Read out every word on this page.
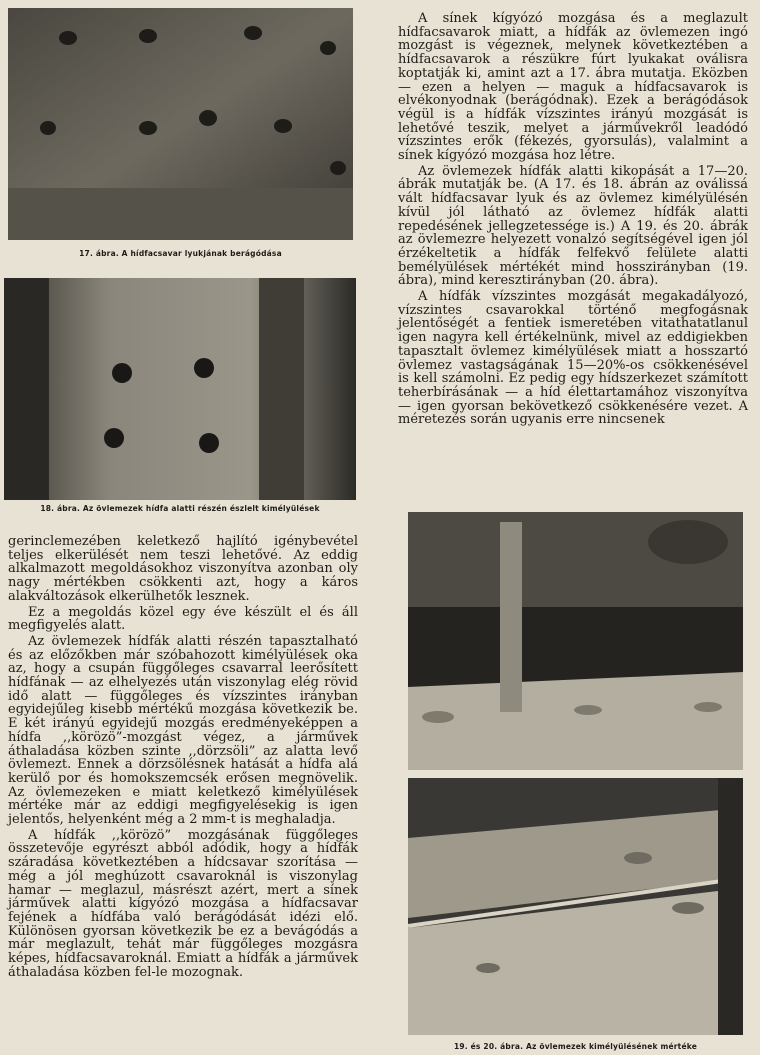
17. ábra. A hídfacsavar lyukjának berágódása
18. ábra. Az övlemezek hídfa alatti részén észlelt kimélyülések

A sínek kígyózó mozgása és a meglazult hídfacsavarok miatt, a hídfák az övlemezen ingó mozgást is végeznek, melynek következtében a hídfacsavarok a részükre fúrt lyukakat oválisra koptatják ki, amint azt a 17. ábra mutatja. Eközben — ezen a helyen — maguk a hídfacsavarok is elvékonyodnak (berágódnak). Ezek a berágódások végül is a hídfák vízszintes irányú mozgását is lehetővé teszik, melyet a járművekről leadódó vízszintes erők (fékezés, gyorsulás), valalmint a sínek kígyózó mozgása hoz létre.

Az övlemezek hídfák alatti kikopását a 17—20. ábrák mutatják be. (A 17. és 18. ábrán az oválissá vált hídfacsavar lyuk és az övlemez kimélyülésén kívül jól látható az övlemez hídfák alatti repedésének jellegzetessége is.) A 19. és 20. ábrák az övlemezre helyezett vonalzó segítségével igen jól érzékeltetik a hídfák felfekvő felülete alatti bemélyülések mértékét mind hosszirányban (19. ábra), mind keresztirányban (20. ábra).

A hídfák vízszintes mozgását megakadályozó, vízszintes csavarokkal történő megfogásnak jelentőségét a fentiek ismeretében vitathatatlanul igen nagyra kell értékelnünk, mivel az eddigiekben tapasztalt övlemez kimélyülések miatt a hosszartó övlemez vastagságának 15—20%-os csökkenésével is kell számolni. Ez pedig egy hídszerkezet számított teherbírásának — a híd élettartamához viszonyítva — igen gyorsan bekövetkező csökkenésére vezet. A méretezés során ugyanis erre nincsenek

gerinclemezében keletkező hajlító igénybevétel teljes elkerülését nem teszi lehetővé. Az eddig alkalmazott megoldásokhoz viszonyítva azonban oly nagy mértékben csökkenti azt, hogy a káros alakváltozások elkerülhetők lesznek.

Ez a megoldás közel egy éve készült el és áll megfigyelés alatt.

Az övlemezek hídfák alatti részén tapasztalható és az előzőkben már szóbahozott kimélyülések oka az, hogy a csupán függőleges csavarral leerősített hídfának — az elhelyezés után viszonylag elég rövid idő alatt — függőleges és vízszintes irányban egyidejűleg kisebb mértékű mozgása következik be. E két irányú egyidejű mozgás eredményeképpen a hídfa ,,körözö”-mozgást végez, a járművek áthaladása közben szinte ,,dörzsöli” az alatta levő övlemezt. Ennek a dörzsölésnek hatását a hídfa alá kerülő por és homokszemcsék erősen megnövelik. Az övlemezeken e miatt keletkező kimélyülések mértéke már az eddigi megfigyelésekig is igen jelentős, helyenként még a 2 mm-t is meghaladja.

A hídfák ,,körözö” mozgásának függőleges összetevője egyrészt abból adódik, hogy a hídfák száradása következtében a hídcsavar szorítása — még a jól meghúzott csavaroknál is viszonylag hamar — meglazul, másrészt azért, mert a sínek járművek alatti kígyózó mozgása a hídfacsavar fejének a hídfába való berágódását idézi elő. Különösen gyorsan következik be ez a bevágódás a már meglazult, tehát már függőleges mozgásra képes, hídfacsavaroknál. Emiatt a hídfák a járművek áthaladása közben fel-le mozognak.

19. és 20. ábra. Az övlemezek kimélyülésének mértéke
